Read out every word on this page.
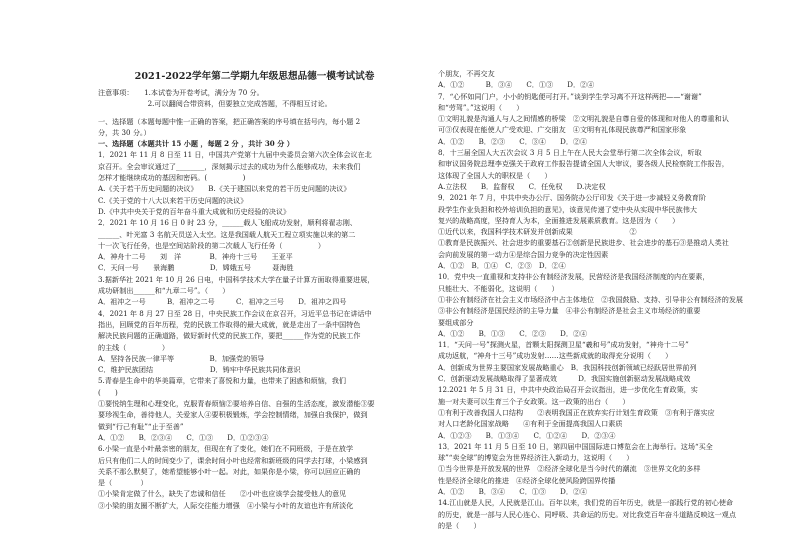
2021-2022学年第二学期九年级思想品德一模考试试卷
注意事项：　　1.本试卷为开卷考试，满分为 70 分。
　　　　　　　2.可以翻阅合带资料，但要独立完成答题，不得相互讨论。
一、选择题（本题每题中惟一正确的答案，把正确答案的序号填在括号内，每小题 2
分，共 30 分。）
一、选择题（本题共计 15 小题 ，每题 2 分 ，共计 30 分 ）
1．2021 年 11 月 8 日至 11 日，中国共产党第十九届中央委员会第六次全体会议在北
京召开。全会审议通过了________，深刻揭示过去的成功为什么能够成功，未来我们
怎样才能继续成功的基因和密码。(　　　　　)
A.《关于若干历史问题的决议》　　B.《关于建国以来党的若干历史问题的决议》
C.《关于党的十八大以来若干历史问题的决议》
D.《中共中央关于党的百年奋斗重大成就和历史经验的决议》
2．2021 年 10 月 16 日 0 时 23 分，______载人飞船成功发射，顺利将翟志刚、
______、叶光富 3 名航天员送入太空。这是我国载人航天工程立项实施以来的第二
十一次飞行任务，也是空间站阶段的第二次载人飞行任务（　　　　　）
A．神舟十二号　　刘　洋　　　　B．神舟十三号　　王亚平
C．天问一号　　景海鹏　　　　　D．嫦娥五号　　　聂海胜
3.据新华社 2021 年 10 月 26 日电，中国科学技术大学在量子计算方面取得重要进展，
成功研制出______和“九章二号”。（　　）
A．祖冲之一号　　　B．祖冲之二号　　　C．祖冲之三号　　D．祖冲之四号
4．2021 年 8 月 27 日至 28 日，中央民族工作会议在京召开，习近平总书记在讲话中
指出，回顾党的百年历程，党的民族工作取得的最大成就，就是走出了一条中国特色
解决民族问题的正确道路，做好新时代党的民族工作，要把______作为党的民族工作
的主线（　　　　　）
A．坚持各民族一律平等　　　　　B．加强党的领导
C．维护民族团结　　　　　　　　D．铸牢中华民族共同体意识
5.青春是生命中的华美篇章，它带来了喜悦和力量，也带来了困惑和烦恼，我们
(　　)
①要悦纳生理和心理变化，克服青春烦恼②要培养自信、自强的生活态度，激发潜能③要
要珍视生命，善待他人，关爱家人④要积极锻炼，学会控制情绪，加强自我保护，做到
做到“行己有耻”“止于至善”
A．①②　　B．②③④　　C．①③　　D．①②③④
6.小梁一直是小叶最亲密的朋友，但现在有了变化，她们在不同班级，于是在放学
后只有他们二人的时间变少了，课余时间小叶也经常和新班级的同学去打球，小梁感到
关系不那么默契了，她希望能够小叶一起。对此，如果你是小梁，你可以回应正确的
是（　　　　）
①小梁肯定做了什么，缺失了忠诚和信任　　②小叶也应该学会接受他人的意见
③小梁的朋友圈不断扩大，人际交往能力增强　④小梁与小叶的友谊也许有所淡化
个朋友，不再交友
A．①②　　　B．③④　　C．①③　　D．②④
7．“心怀如同门户，小小的钥匙便可打开。”谈到学生学习离不开这样两把——“谢谢”
和“劳驾”。”这说明（　　）
①文明礼貌是沟通人与人之间情感的桥梁　②文明礼貌是自尊自爱的体现和对他人的尊重和认
可③仅表现在能使人广受欢迎、广交朋友　④文明有礼体现民族尊严和国家形象
A．①②　　B．②③　　C．③④　　D．②④
8．十三届全国人大五次会议 3 月 5 日上午在人民大会堂举行第二次全体会议，听取
和审议国务院总理李克强关于政府工作报告提请全国人大审议，要各级人民检察院工作报告，
这体现了全国人大的职权是（　　）
A.立法权　　B．监督权　　C．任免权　　D.决定权
9．2021 年 7 月，中共中央办公厅、国务院办公厅印发《关于进一步减轻义务教育阶
段学生作业负担和校外培训负担的意见》，该意见传递了党中央从实现中华民族伟大
复兴的战略高度，坚持育人为本，全面推进发展素质教育。这是因为（　　）
①近代以来，我国科学技术研发并创新成果　　　　　　　　②
①教育是民族振兴、社会进步的重要基石②创新是民族进步、社会进步的基石③是推动人类社
会向前发展的第一动力④是综合国力竞争的决定性因素
A．①②　B．①④　C．②③　D．②④
10．党中央一直重视和支持非公有制经济发展，民营经济是我国经济制度的内在要素，
只能壮大、不能弱化，这说明（　　）
①非公有制经济在社会主义市场经济中占主体地位　②我国鼓励、支持、引导非公有制经济的发展
③非公有制经济是国民经济的主导力量　④非公有制经济是社会主义市场经济的重要
要组成部分
A．①②　　B．①③　　C．②③　　D．②④
11．“天问一号”探测火星，首颗太阳探测卫星“羲和号”成功发射，“神舟十二号”
成功返航，“神舟十三号”成功发射……这些新成就的取得充分说明（　　）
A．创新成为世界主要国家发展战略重心　B．我国科技创新领域已经跃居世界前列
C．创新驱动发展战略取得了显著成效　　　D．我国实施创新驱动发展战略成效
12.2021 年 5 月 31 日，中共中央政治局召开会议指出，进一步优化生育政策，实
施一对夫妻可以生育三个子女政策。这一政策的出台（　　）
①有利于改善我国人口结构　　②表明我国正在放弃实行计划生育政策　③有利于落实应
对人口老龄化国家战略　　④有利于全面提高我国人口素质
A．①②③　　B．①③④　　C．①②④　　D．②③④
13．2021 年 11 月 5 日至 10 日，第四届中国国际进口博览会在上海举行。这场“买全
球”“卖全球”的博览会为世界经济注入新动力，这说明（　　）
①当今世界是开放发展的世界　②经济全球化是当今时代的潮流　③世界文化的多样
性是经济全球化的推进　④经济全球化使风险跨国界传播
A．①②　　B．③④　　C．①③　　D．②④
14.江山就是人民，人民就是江山。百年以来，我们党的百年历史，就是一部践行党的初心使命
的历史，就是一部与人民心连心、同呼吸、共命运的历史。对比我党百年奋斗道路反映这一观点
的是（　　）
